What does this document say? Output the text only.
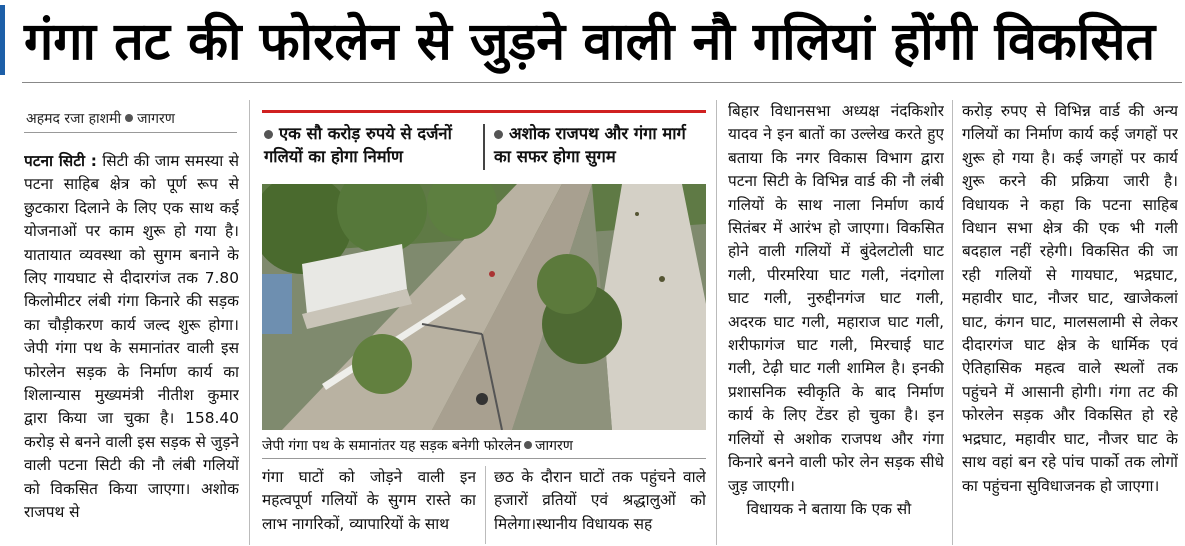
गंगा तट की फोरलेन से जुड़ने वाली नौ गलियां होंगी विकसित
अहमद रजा हाशमी जागरण

पटना सिटी : सिटी की जाम समस्या से पटना साहिब क्षेत्र को पूर्ण रूप से छुटकारा दिलाने के लिए एक साथ कई योजनाओं पर काम शुरू हो गया है। यातायात व्यवस्था को सुगम बनाने के लिए गायघाट से दीदारगंज तक 7.80 किलोमीटर लंबी गंगा किनारे की सड़क का चौड़ीकरण कार्य जल्द शुरू होगा। जेपी गंगा पथ के समानांतर वाली इस फोरलेन सड़क के निर्माण कार्य का शिलान्यास मुख्यमंत्री नीतीश कुमार द्वारा किया जा चुका है। 158.40 करोड़ से बनने वाली इस सड़क से जुड़ने वाली पटना सिटी की नौ लंबी गलियों को विकसित किया जाएगा। अशोक राजपथ से

एक सौ करोड़ रुपये से दर्जनों गलियों का होगा निर्माण
अशोक राजपथ और गंगा मार्ग का सफर होगा सुगम
जेपी गंगा पथ के समानांतर यह सड़क बनेगी फोरलेन जागरण

गंगा घाटों को जोड़ने वाली इन महत्वपूर्ण गलियों के सुगम रास्ते का लाभ नागरिकों, व्यापारियों के साथ

छठ के दौरान घाटों तक पहुंचने वाले हजारों व्रतियों एवं श्रद्धालुओं को मिलेगा।स्थानीय विधायक सह

बिहार विधानसभा अध्यक्ष नंदकिशोर यादव ने इन बातों का उल्लेख करते हुए बताया कि नगर विकास विभाग द्वारा पटना सिटी के विभिन्न वार्ड की नौ लंबी गलियों के साथ नाला निर्माण कार्य सितंबर में आरंभ हो जाएगा। विकसित होने वाली गलियों में बुंदेलटोली घाट गली, पीरमरिया घाट गली, नंदगोला घाट गली, नुरुद्दीनगंज घाट गली, अदरक घाट गली, महाराज घाट गली, शरीफागंज घाट गली, मिरचाई घाट गली, टेढ़ी घाट गली शामिल है। इनकी प्रशासनिक स्वीकृति के बाद निर्माण कार्य के लिए टेंडर हो चुका है। इन गलियों से अशोक राजपथ और गंगा किनारे बनने वाली फोर लेन सड़क सीधे जुड़ जाएगी।

विधायक ने बताया कि एक सौ

करोड़ रुपए से विभिन्न वार्ड की अन्य गलियों का निर्माण कार्य कई जगहों पर शुरू हो गया है। कई जगहों पर कार्य शुरू करने की प्रक्रिया जारी है। विधायक ने कहा कि पटना साहिब विधान सभा क्षेत्र की एक भी गली बदहाल नहीं रहेगी। विकसित की जा रही गलियों से गायघाट, भद्रघाट, महावीर घाट, नौजर घाट, खाजेकलां घाट, कंगन घाट, मालसलामी से लेकर दीदारगंज घाट क्षेत्र के धार्मिक एवं ऐतिहासिक महत्व वाले स्थलों तक पहुंचने में आसानी होगी। गंगा तट की फोरलेन सड़क और विकसित हो रहे भद्रघाट, महावीर घाट, नौजर घाट के साथ वहां बन रहे पांच पार्को तक लोगों का पहुंचना सुविधाजनक हो जाएगा।
